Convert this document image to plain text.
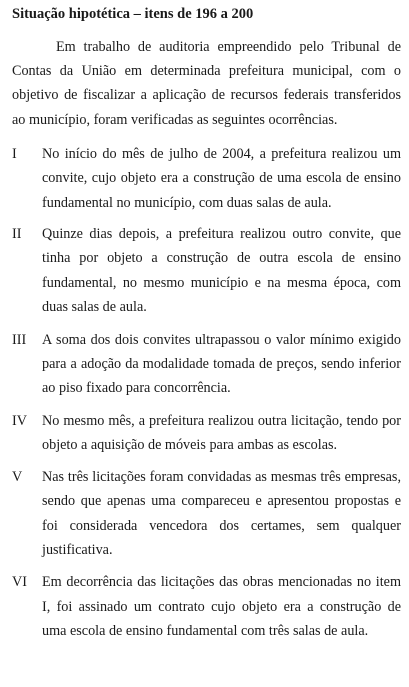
Situação hipotética – itens de 196 a 200

Em trabalho de auditoria empreendido pelo Tribunal de Contas da União em determinada prefeitura municipal, com o objetivo de fiscalizar a aplicação de recursos federais transferidos ao município, foram verificadas as seguintes ocorrências.

I	No início do mês de julho de 2004, a prefeitura realizou um convite, cujo objeto era a construção de uma escola de ensino fundamental no município, com duas salas de aula.
II	Quinze dias depois, a prefeitura realizou outro convite, que tinha por objeto a construção de outra escola de ensino fundamental, no mesmo município e na mesma época, com duas salas de aula.
III	A soma dos dois convites ultrapassou o valor mínimo exigido para a adoção da modalidade tomada de preços, sendo inferior ao piso fixado para concorrência.
IV	No mesmo mês, a prefeitura realizou outra licitação, tendo por objeto a aquisição de móveis para ambas as escolas.
V	Nas três licitações foram convidadas as mesmas três empresas, sendo que apenas uma compareceu e apresentou propostas e foi considerada vencedora dos certames, sem qualquer justificativa.
VI	Em decorrência das licitações das obras mencionadas no item I, foi assinado um contrato cujo objeto era a construção de uma escola de ensino fundamental com três salas de aula.
